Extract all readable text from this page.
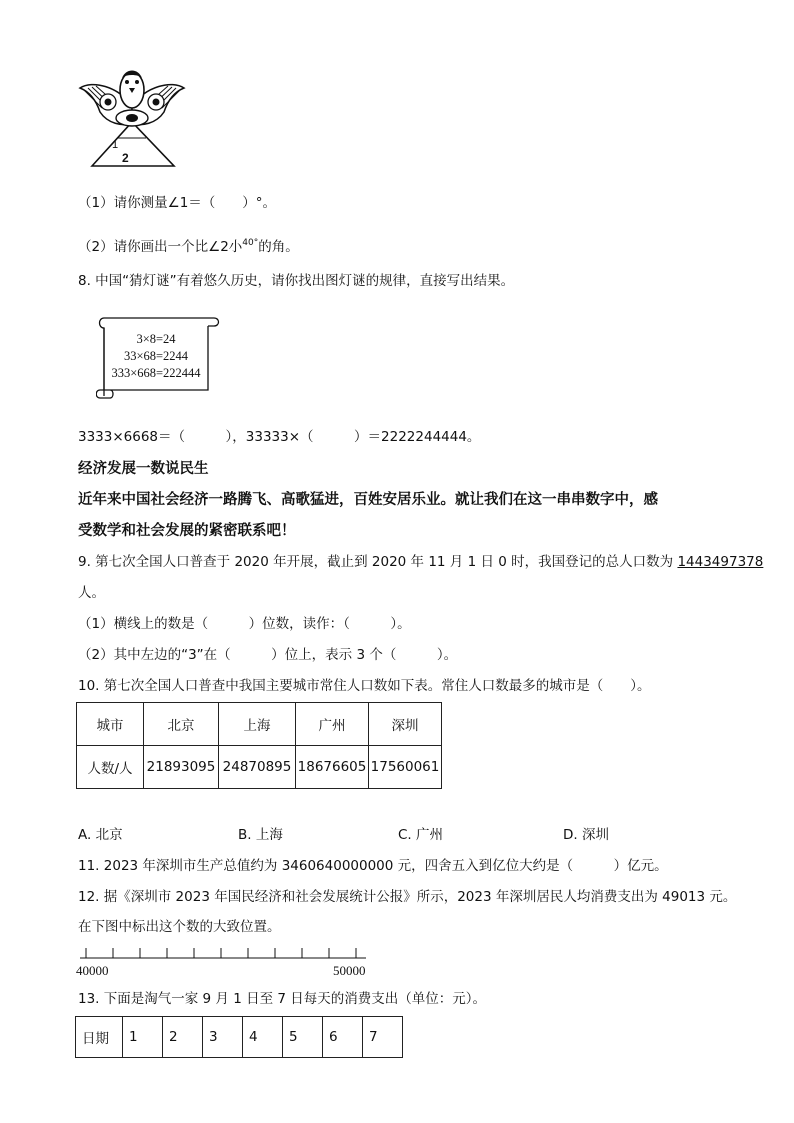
1
2
（1）请你测量∠1＝（　　）°。
（2）请你画出一个比∠2小$^{40^\circ}$的角。
8. 中国“猜灯谜”有着悠久历史，请你找出图灯谜的规律，直接写出结果。
3×8=24
33×68=2244
333×668=222444
3333×6668＝（　　　），33333×（　　　）＝2222244444。
经济发展一数说民生
近年来中国社会经济一路腾飞、高歌猛进，百姓安居乐业。就让我们在这一串串数字中，感
受数学和社会发展的紧密联系吧！
9. 第七次全国人口普查于 2020 年开展，截止到 2020 年 11 月 1 日 0 时，我国登记的总人口数为 1443497378
人。
（1）横线上的数是（　　　）位数，读作：（　　　）。
（2）其中左边的“3”在（　　　）位上，表示 3 个（　　　）。
10. 第七次全国人口普查中我国主要城市常住人口数如下表。常住人口数最多的城市是（　　）。
城市	北京	上海	广州	深圳
人数/人	21893095	24870895	18676605	17560061
A. 北京	B. 上海	C. 广州	D. 深圳
11. 2023 年深圳市生产总值约为 3460640000000 元，四舍五入到亿位大约是（　　　）亿元。
12. 据《深圳市 2023 年国民经济和社会发展统计公报》所示，2023 年深圳居民人均消费支出为 49013 元。
在下图中标出这个数的大致位置。
40000	50000
13. 下面是淘气一家 9 月 1 日至 7 日每天的消费支出（单位：元）。
日期	1	2	3	4	5	6	7
